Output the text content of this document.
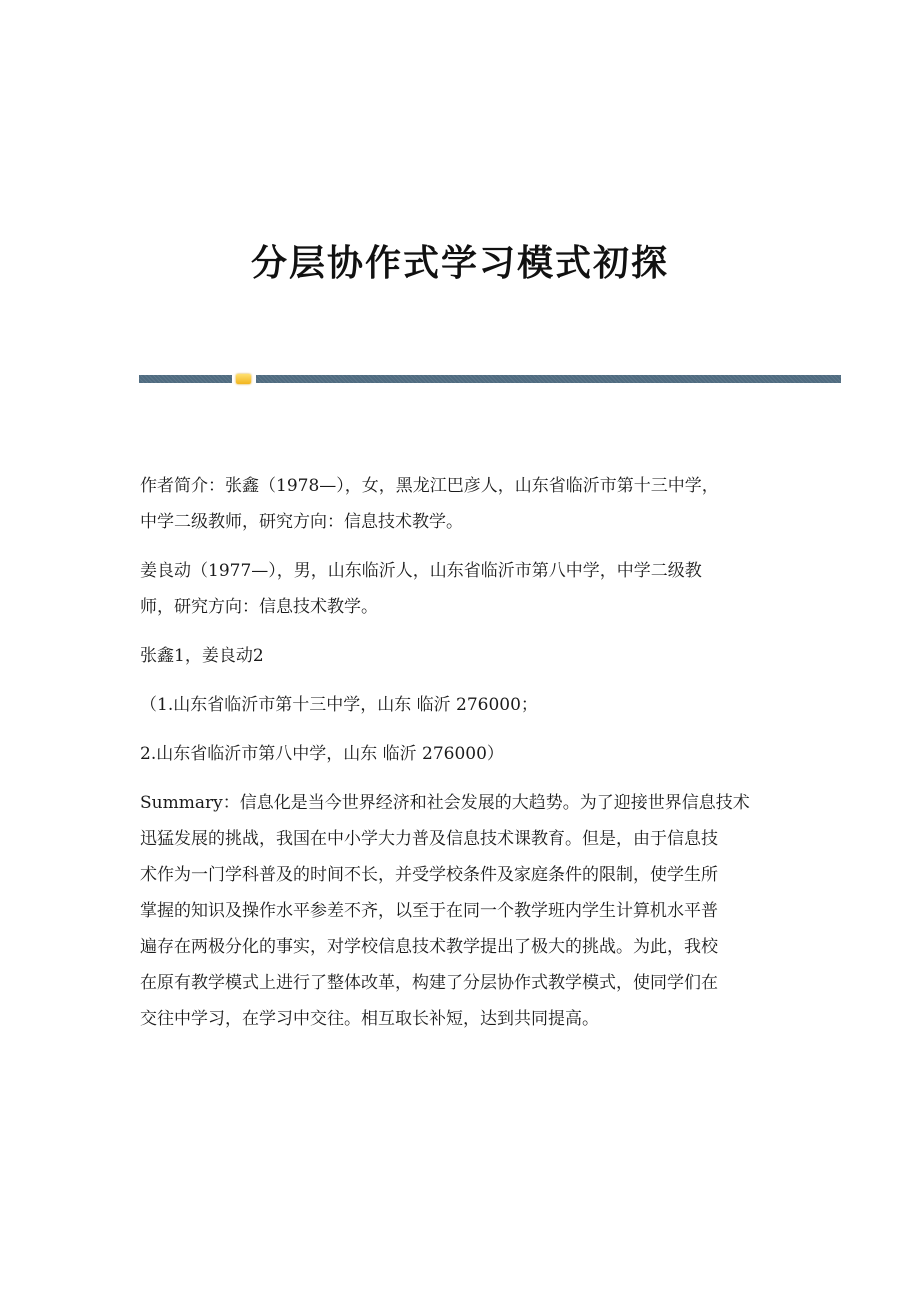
分层协作式学习模式初探

作者简介：张鑫（1978—），女，黑龙江巴彦人，山东省临沂市第十三中学，
中学二级教师，研究方向：信息技术教学。

姜良动（1977—），男，山东临沂人，山东省临沂市第八中学，中学二级教
师，研究方向：信息技术教学。

张鑫1，姜良动2

（1.山东省临沂市第十三中学，山东 临沂 276000；

2.山东省临沂市第八中学，山东 临沂 276000）

Summary：信息化是当今世界经济和社会发展的大趋势。为了迎接世界信息技术
迅猛发展的挑战，我国在中小学大力普及信息技术课教育。但是，由于信息技
术作为一门学科普及的时间不长，并受学校条件及家庭条件的限制，使学生所
掌握的知识及操作水平参差不齐，以至于在同一个教学班内学生计算机水平普
遍存在两极分化的事实，对学校信息技术教学提出了极大的挑战。为此，我校
在原有教学模式上进行了整体改革，构建了分层协作式教学模式，使同学们在
交往中学习，在学习中交往。相互取长补短，达到共同提高。
